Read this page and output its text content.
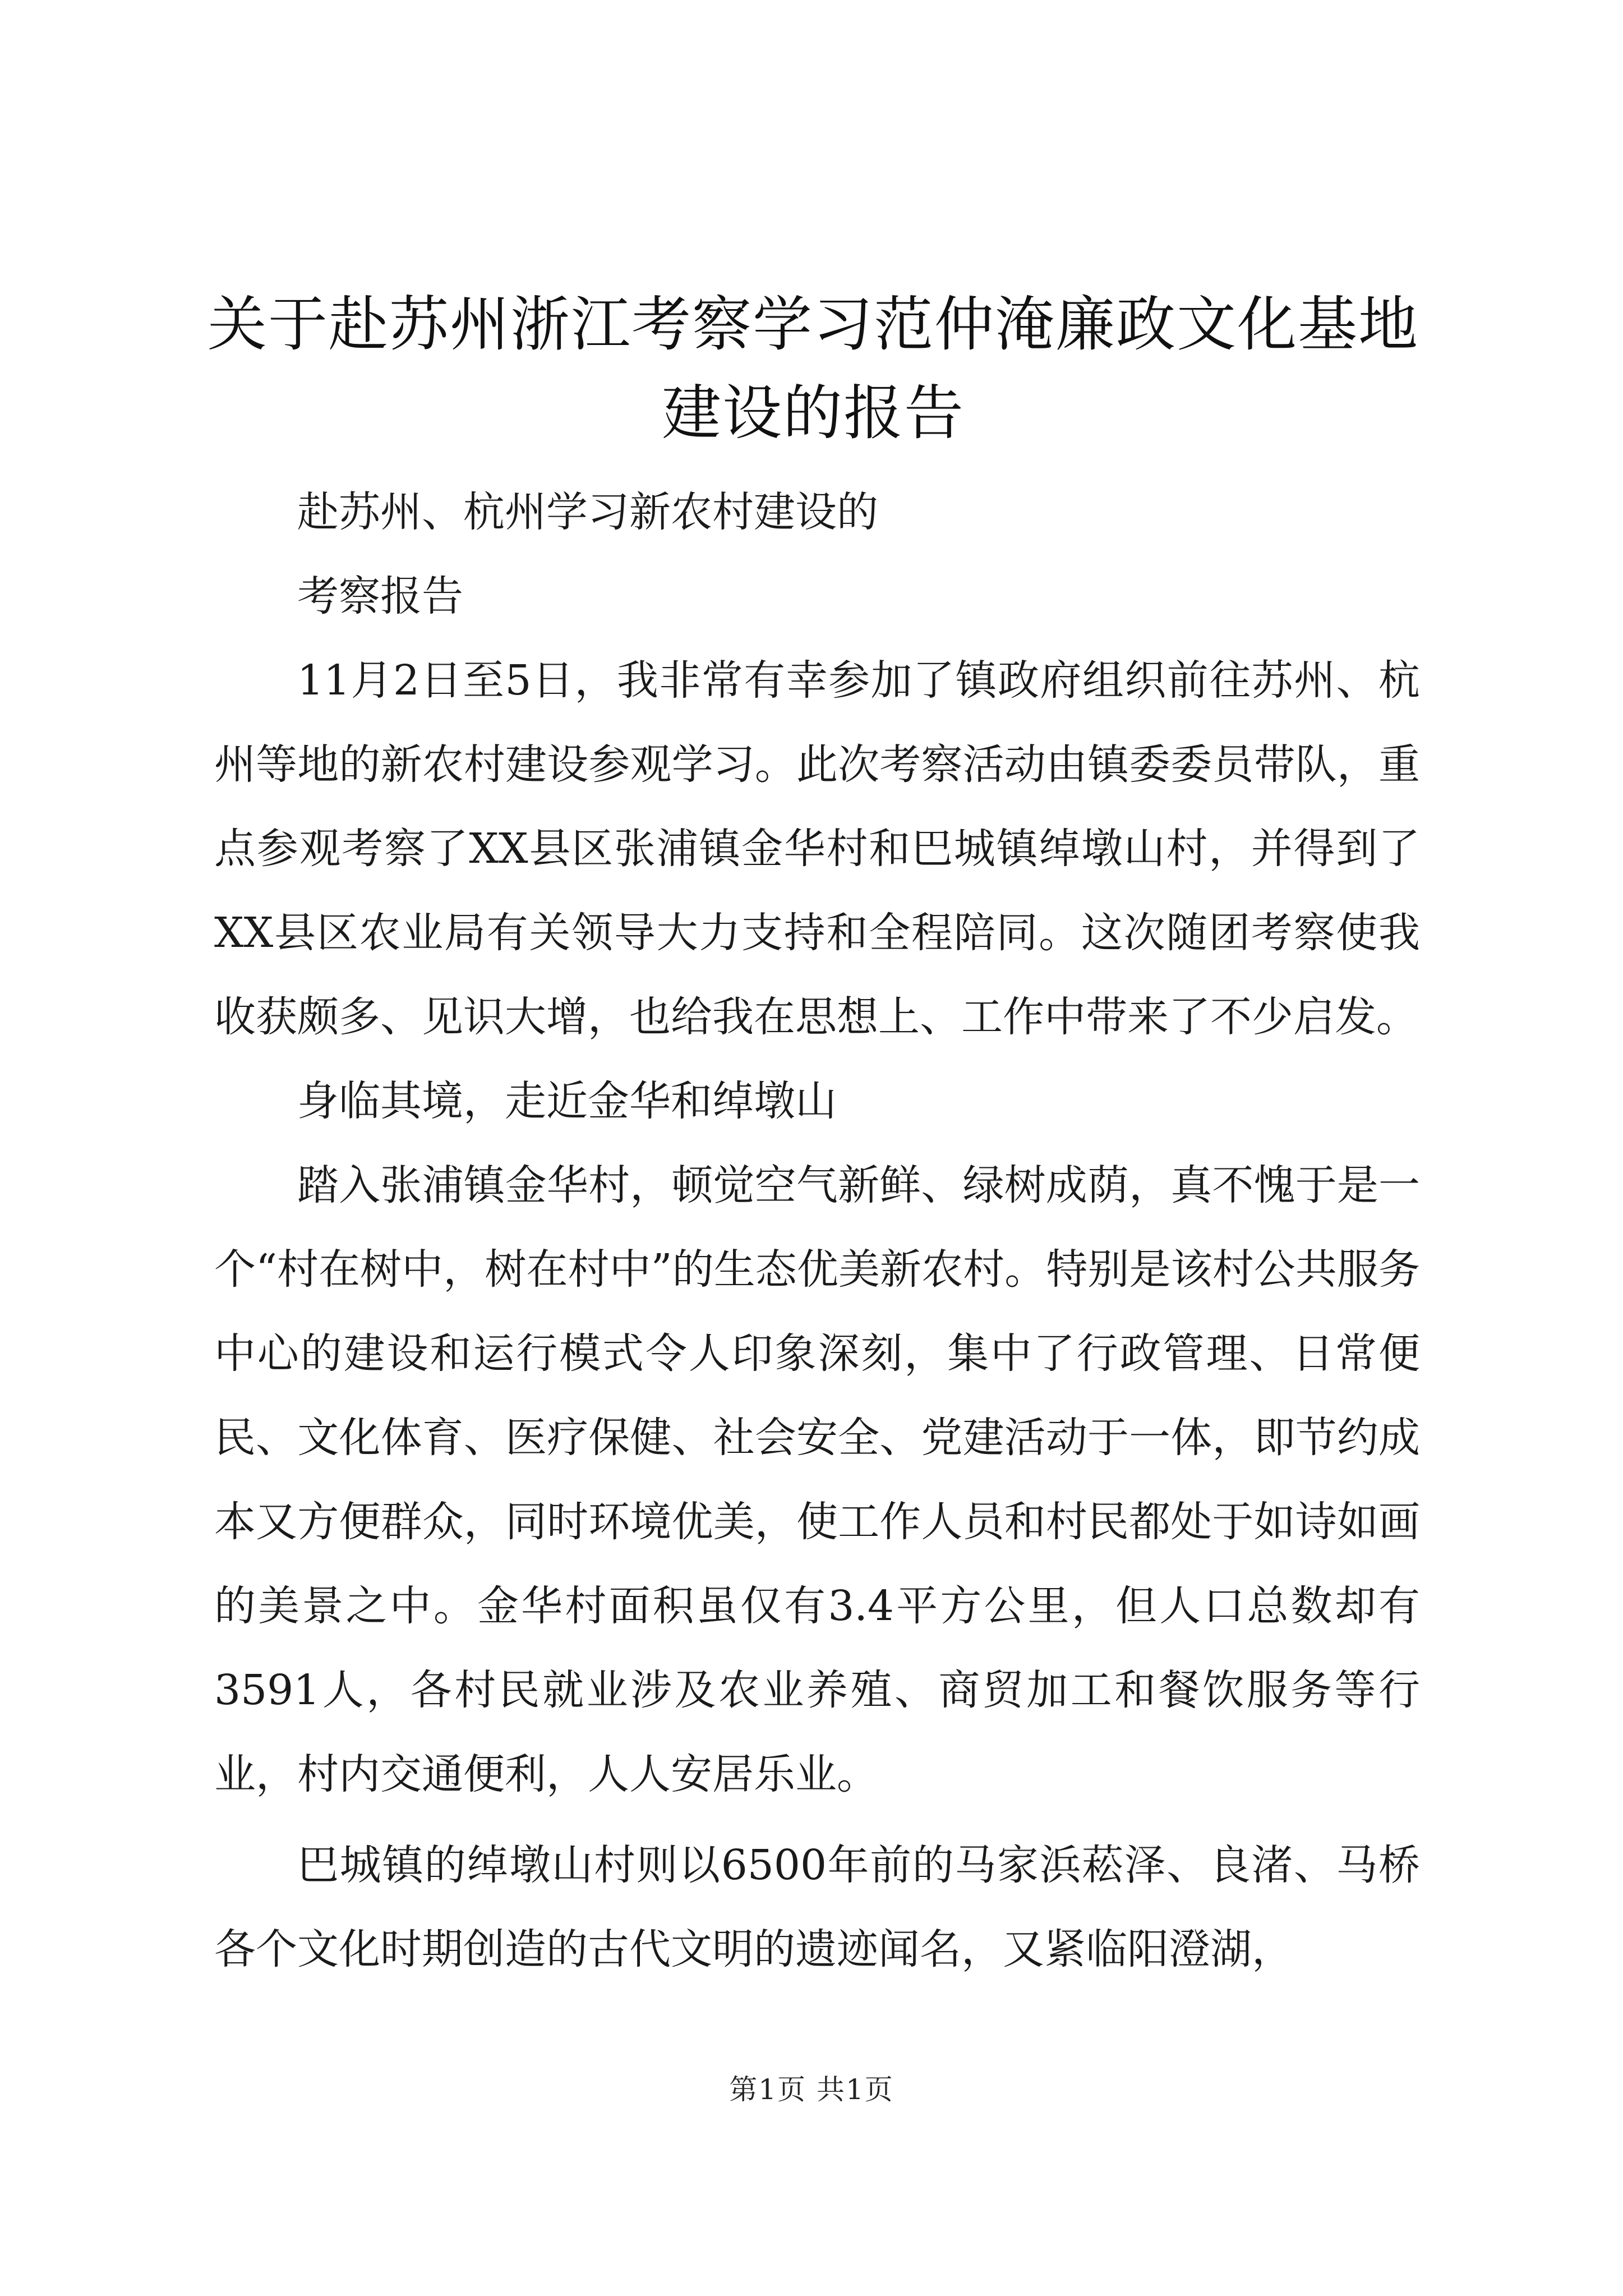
关于赴苏州浙江考察学习范仲淹廉政文化基地建设的报告

赴苏州、杭州学习新农村建设的

考察报告

11月2日至5日，我非常有幸参加了镇政府组织前往苏州、杭州等地的新农村建设参观学习。此次考察活动由镇委委员带队，重点参观考察了XX县区张浦镇金华村和巴城镇绰墩山村，并得到了XX县区农业局有关领导大力支持和全程陪同。这次随团考察使我收获颇多、见识大增，也给我在思想上、工作中带来了不少启发。

身临其境，走近金华和绰墩山

踏入张浦镇金华村，顿觉空气新鲜、绿树成荫，真不愧于是一个“村在树中，树在村中”的生态优美新农村。特别是该村公共服务中心的建设和运行模式令人印象深刻，集中了行政管理、日常便民、文化体育、医疗保健、社会安全、党建活动于一体，即节约成本又方便群众，同时环境优美，使工作人员和村民都处于如诗如画的美景之中。金华村面积虽仅有3.4平方公里，但人口总数却有3591人，各村民就业涉及农业养殖、商贸加工和餐饮服务等行业，村内交通便利，人人安居乐业。

巴城镇的绰墩山村则以6500年前的马家浜菘泽、良渚、马桥各个文化时期创造的古代文明的遗迹闻名，又紧临阳澄湖，

第1页 共1页
